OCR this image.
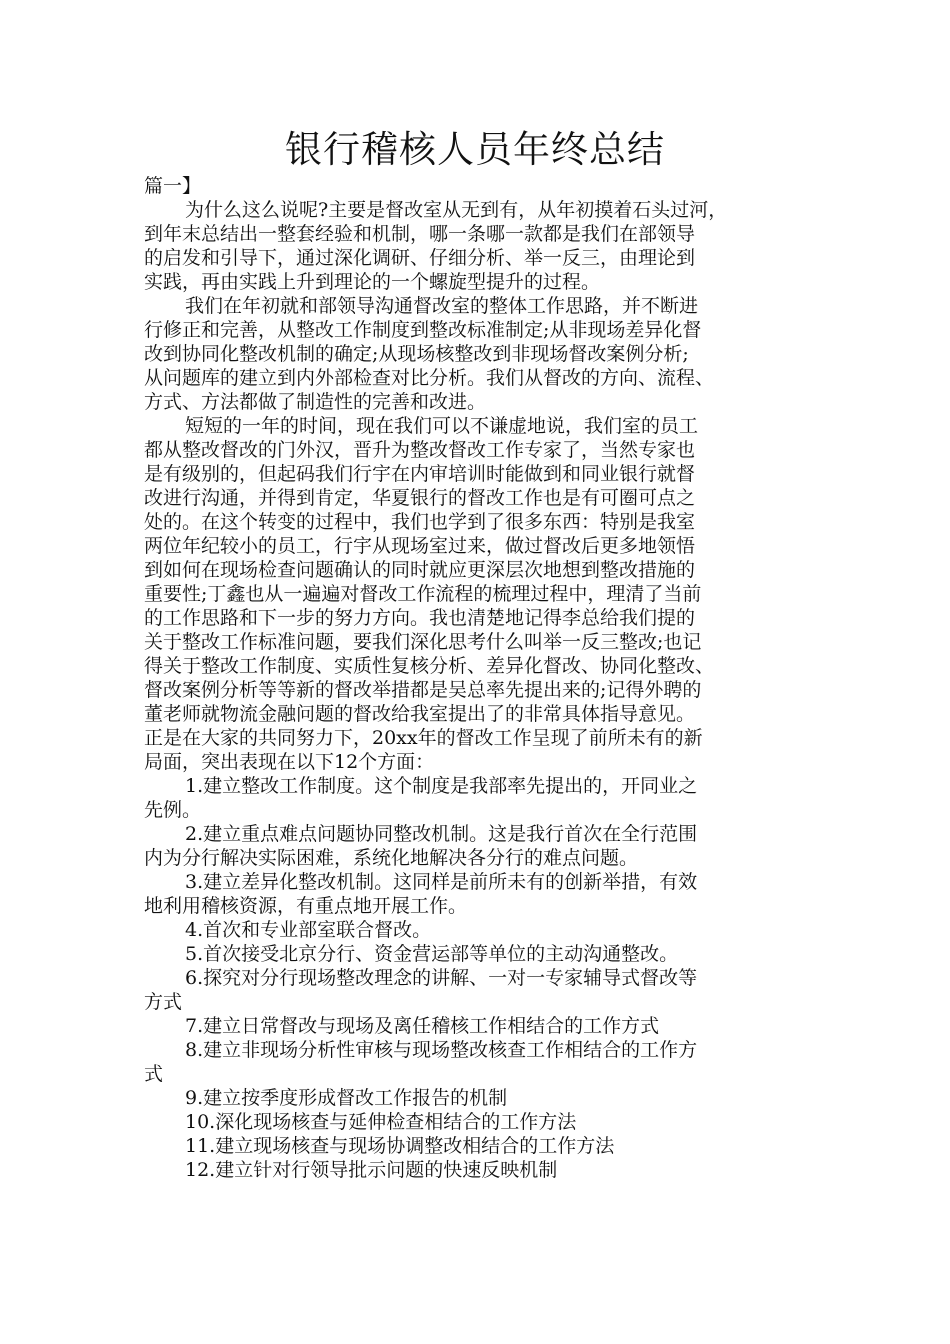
银行稽核人员年终总结
篇一】
为什么这么说呢?主要是督改室从无到有，从年初摸着石头过河，
到年末总结出一整套经验和机制，哪一条哪一款都是我们在部领导
的启发和引导下，通过深化调研、仔细分析、举一反三，由理论到
实践，再由实践上升到理论的一个螺旋型提升的过程。
我们在年初就和部领导沟通督改室的整体工作思路，并不断进
行修正和完善，从整改工作制度到整改标准制定;从非现场差异化督
改到协同化整改机制的确定;从现场核整改到非现场督改案例分析;
从问题库的建立到内外部检查对比分析。我们从督改的方向、流程、
方式、方法都做了制造性的完善和改进。
短短的一年的时间，现在我们可以不谦虚地说，我们室的员工
都从整改督改的门外汉，晋升为整改督改工作专家了，当然专家也
是有级别的，但起码我们行宇在内审培训时能做到和同业银行就督
改进行沟通，并得到肯定，华夏银行的督改工作也是有可圈可点之
处的。在这个转变的过程中，我们也学到了很多东西：特别是我室
两位年纪较小的员工，行宇从现场室过来，做过督改后更多地领悟
到如何在现场检查问题确认的同时就应更深层次地想到整改措施的
重要性;丁鑫也从一遍遍对督改工作流程的梳理过程中，理清了当前
的工作思路和下一步的努力方向。我也清楚地记得李总给我们提的
关于整改工作标准问题，要我们深化思考什么叫举一反三整改;也记
得关于整改工作制度、实质性复核分析、差异化督改、协同化整改、
督改案例分析等等新的督改举措都是吴总率先提出来的;记得外聘的
董老师就物流金融问题的督改给我室提出了的非常具体指导意见。
正是在大家的共同努力下，20xx年的督改工作呈现了前所未有的新
局面，突出表现在以下12个方面：
1.建立整改工作制度。这个制度是我部率先提出的，开同业之
先例。
2.建立重点难点问题协同整改机制。这是我行首次在全行范围
内为分行解决实际困难，系统化地解决各分行的难点问题。
3.建立差异化整改机制。这同样是前所未有的创新举措，有效
地利用稽核资源，有重点地开展工作。
4.首次和专业部室联合督改。
5.首次接受北京分行、资金营运部等单位的主动沟通整改。
6.探究对分行现场整改理念的讲解、一对一专家辅导式督改等
方式
7.建立日常督改与现场及离任稽核工作相结合的工作方式
8.建立非现场分析性审核与现场整改核查工作相结合的工作方
式
9.建立按季度形成督改工作报告的机制
10.深化现场核查与延伸检查相结合的工作方法
11.建立现场核查与现场协调整改相结合的工作方法
12.建立针对行领导批示问题的快速反映机制
